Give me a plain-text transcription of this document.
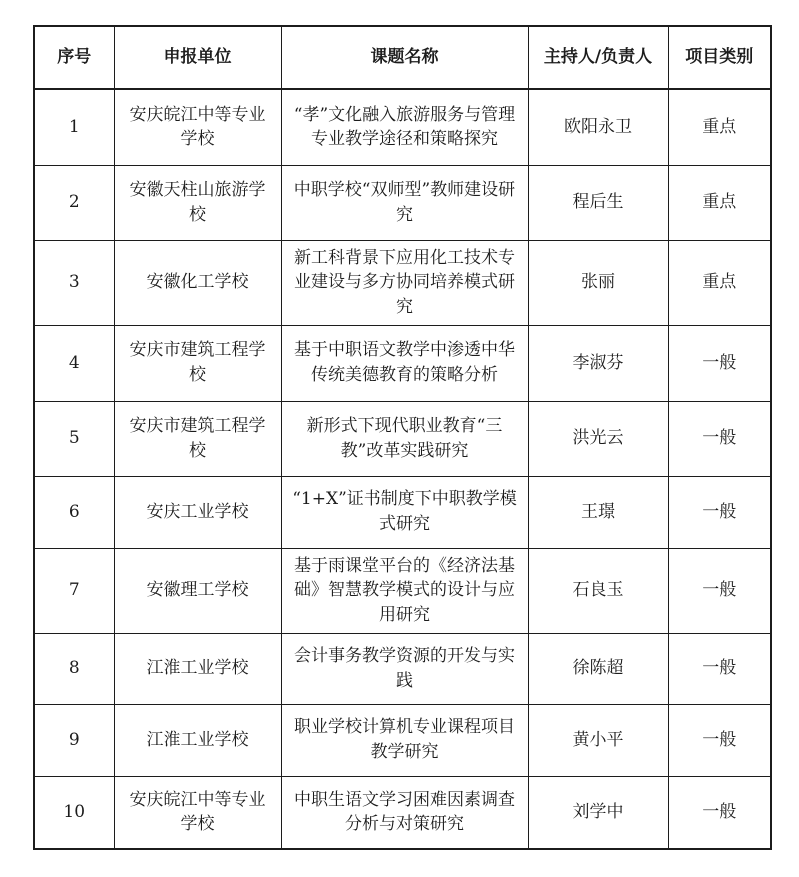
序号	申报单位	课题名称	主持人/负责人	项目类别
1	安庆皖江中等专业学校	“孝”文化融入旅游服务与管理专业教学途径和策略探究	欧阳永卫	重点
2	安徽天柱山旅游学校	中职学校“双师型”教师建设研究	程后生	重点
3	安徽化工学校	新工科背景下应用化工技术专业建设与多方协同培养模式研究	张丽	重点
4	安庆市建筑工程学校	基于中职语文教学中渗透中华传统美德教育的策略分析	李淑芬	一般
5	安庆市建筑工程学校	新形式下现代职业教育“三教”改革实践研究	洪光云	一般
6	安庆工业学校	“1+X”证书制度下中职教学模式研究	王璟	一般
7	安徽理工学校	基于雨课堂平台的《经济法基础》智慧教学模式的设计与应用研究	石良玉	一般
8	江淮工业学校	会计事务教学资源的开发与实践	徐陈超	一般
9	江淮工业学校	职业学校计算机专业课程项目教学研究	黄小平	一般
10	安庆皖江中等专业学校	中职生语文学习困难因素调查分析与对策研究	刘学中	一般
